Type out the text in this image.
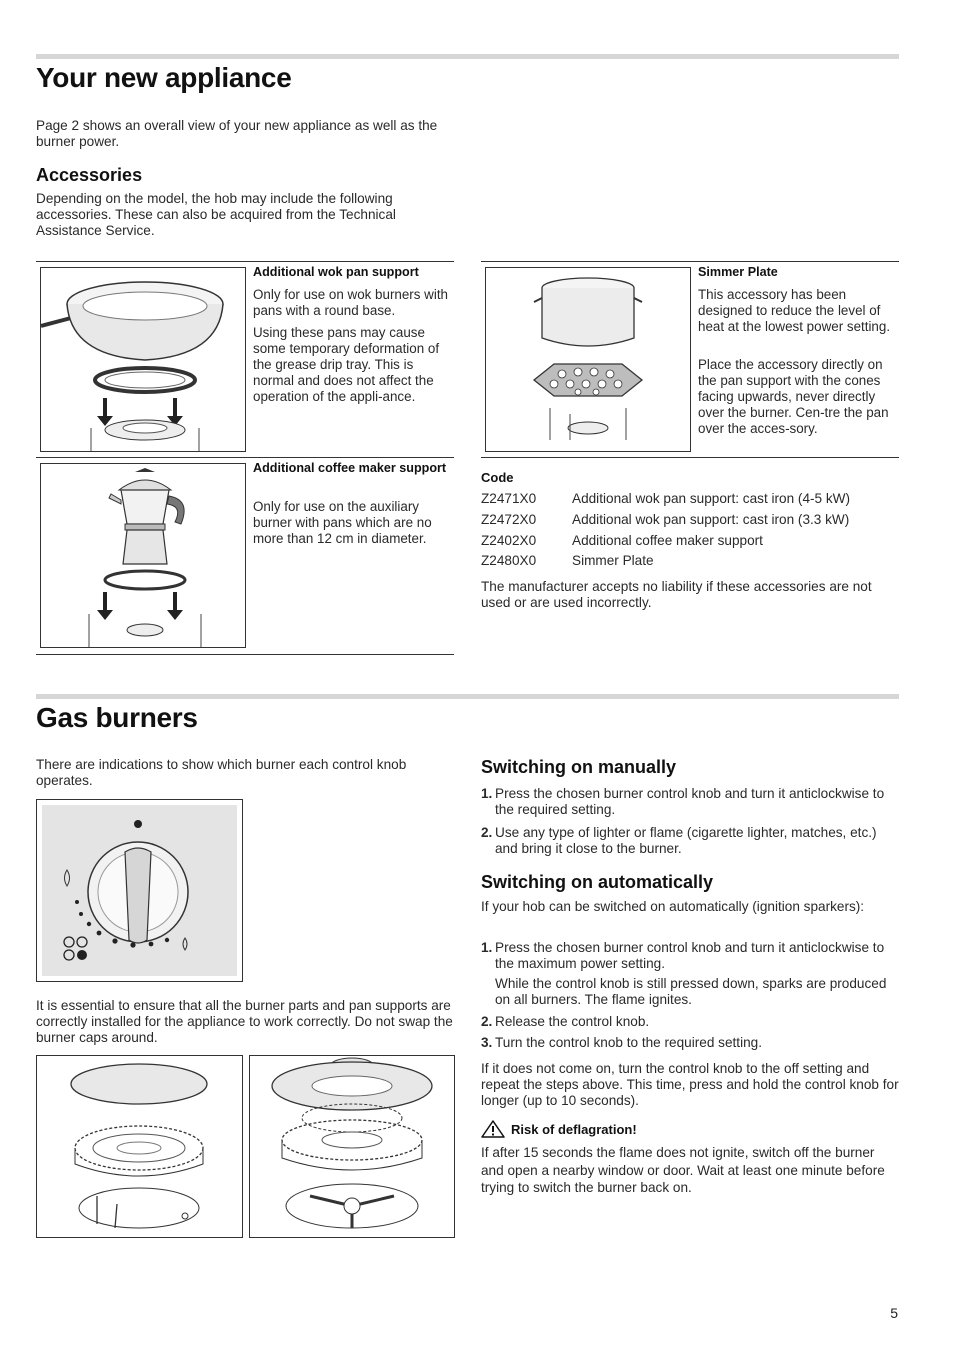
Your new appliance

Page 2 shows an overall view of your new appliance as well as the burner power.

Accessories

Depending on the model, the hob may include the following accessories. These can also be acquired from the Technical Assistance Service.

Additional wok pan support

Only for use on wok burners with pans with a round base.

Using these pans may cause some temporary deformation of the grease drip tray. This is normal and does not affect the operation of the appli-ance.

Additional coffee maker support

Only for use on the auxiliary burner with pans which are no more than 12 cm in diameter.

Simmer Plate

This accessory has been designed to reduce the level of heat at the lowest power setting.

Place the accessory directly on the pan support with the cones facing upwards, never directly over the burner. Cen-tre the pan over the acces-sory.

Code

Z2471X0	Additional wok pan support: cast iron (4-5 kW)
Z2472X0	Additional wok pan support: cast iron (3.3 kW)
Z2402X0	Additional coffee maker support
Z2480X0	Simmer Plate

The manufacturer accepts no liability if these accessories are not used or are used incorrectly.

Gas burners

There are indications to show which burner each control knob operates.

It is essential to ensure that all the burner parts and pan supports are correctly installed for the appliance to work correctly. Do not swap the burner caps around.

Switching on manually
1. Press the chosen burner control knob and turn it anticlockwise to the required setting.
2. Use any type of lighter or flame (cigarette lighter, matches, etc.) and bring it close to the burner.
Switching on automatically

If your hob can be switched on automatically (ignition sparkers):

1. Press the chosen burner control knob and turn it anticlockwise to the maximum power setting.
While the control knob is still pressed down, sparks are produced on all burners. The flame ignites.
2. Release the control knob.
3. Turn the control knob to the required setting.

If it does not come on, turn the control knob to the off setting and repeat the steps above. This time, press and hold the control knob for longer (up to 10 seconds).

Risk of deflagration!

If after 15 seconds the flame does not ignite, switch off the burner and open a nearby window or door. Wait at least one minute before trying to switch the burner back on.

5
